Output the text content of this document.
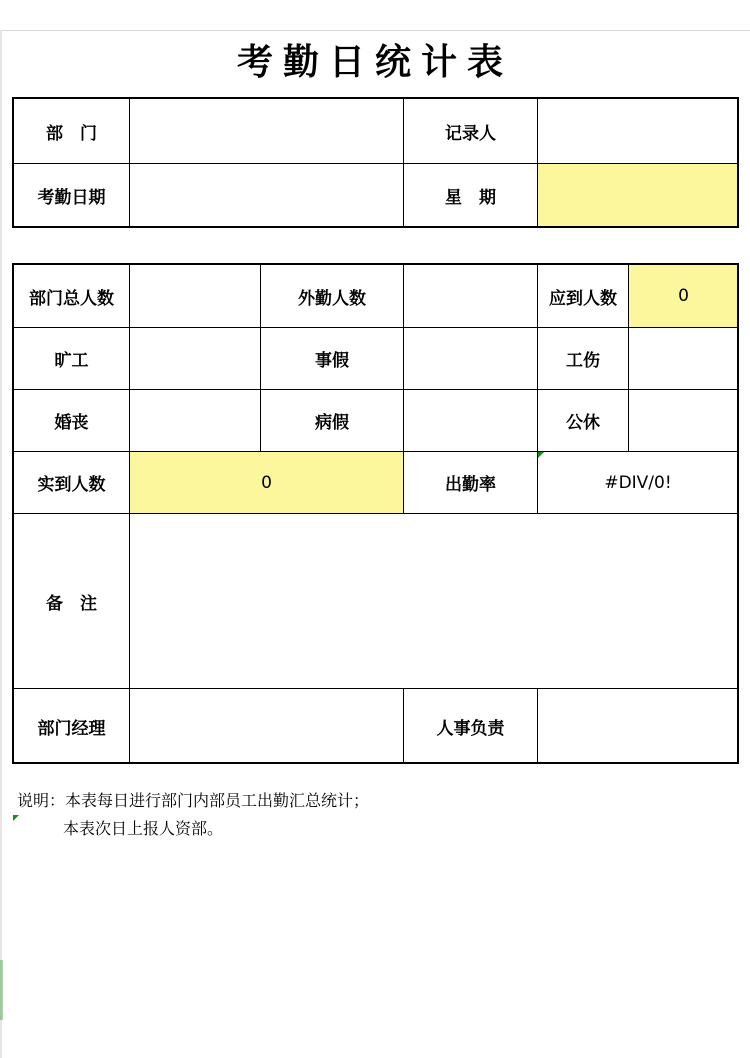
考勤日统计表
部　门		记录人	
考勤日期		星　期	
部门总人数		外勤人数		应到人数	0
旷工		事假		工伤	
婚丧		病假		公休	
实到人数	0		出勤率	#DIV/0!	
备　注					
部门经理			人事负责		
说明：本表每日进行部门内部员工出勤汇总统计；
本表次日上报人资部。
